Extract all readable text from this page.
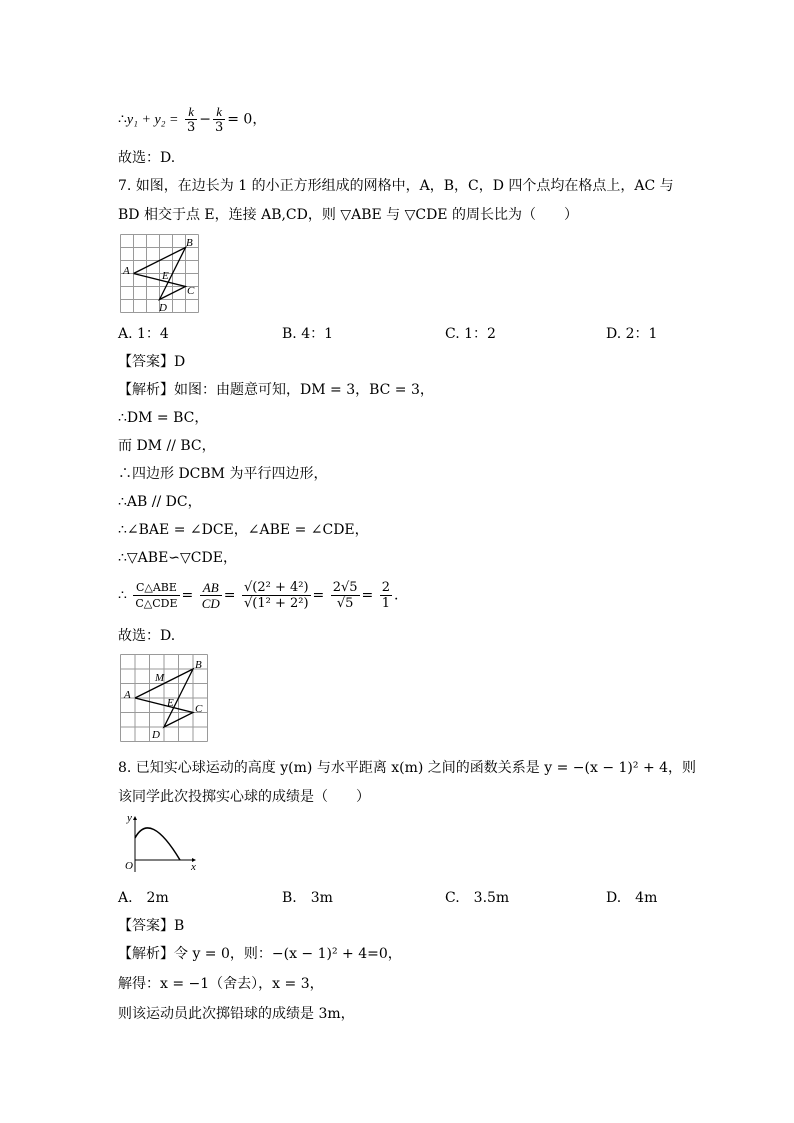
∴y₁ + $y_2 = \frac{k}{3} - \frac{k}{3} = 0$，
故选：D.
7. 如图，在边长为 1 的小正方形组成的网格中，A，B，C，D 四个点均在格点上，AC 与
BD 相交于点 E，连接 AB,CD，则 ▽ABE 与 ▽CDE 的周长比为（　　）
B
A	E
C
D
A. 1：4	B. 4：1	C. 1：2	D. 2：1
【答案】D
【解析】如图：由题意可知，DM = 3，BC = 3，
∴DM = BC，
而 DM // BC，
∴四边形 DCBM 为平行四边形，
∴AB // DC，
∴∠BAE = ∠DCE，∠ABE = ∠CDE，
∴▽ABE∽▽CDE，
∴ $\frac{\text{C△ABE}}{\text{C△CDE}} = \frac{AB}{CD} = \frac{\text{√(2² + 4²)}}{\text{√(1² + 2²)}} = \frac{2√5}{√5} = \frac{2}{1}$ .
故选：D.
B
M
A
E C
D
8. 已知实心球运动的高度 y(m) 与水平距离 x(m) 之间的函数关系是 y = −(x − 1)² + 4，则
该同学此次投掷实心球的成绩是（　　）
y
x
O
A.　2m	B.　3m	C.　3.5m	D.　4m
【答案】B
【解析】令 y = 0，则：−(x − 1)² + 4=0，
解得：x = −1（舍去），x = 3，
则该运动员此次掷铅球的成绩是 3m，
